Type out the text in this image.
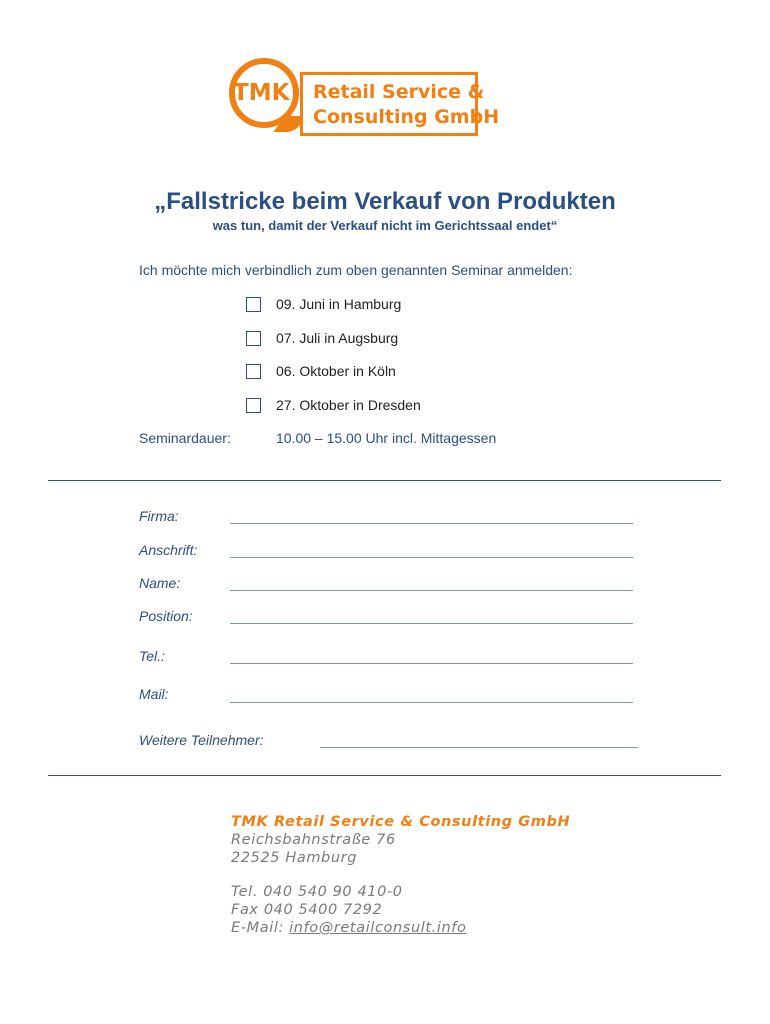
TMK Retail Service &
Consulting GmbH
„Fallstricke beim Verkauf von Produkten
was tun, damit der Verkauf nicht im Gerichtssaal endet“
Ich möchte mich verbindlich zum oben genannten Seminar anmelden:
09. Juni in Hamburg
07. Juli in Augsburg
06. Oktober in Köln
27. Oktober in Dresden
Seminardauer:	10.00 – 15.00 Uhr incl. Mittagessen
Firma:
Anschrift:
Name:
Position:
Tel.:
Mail:
Weitere Teilnehmer:
TMK Retail Service & Consulting GmbH
Reichsbahnstraße 76
22525 Hamburg
Tel. 040 540 90 410-0
Fax 040 5400 7292
E-Mail: info@retailconsult.info
